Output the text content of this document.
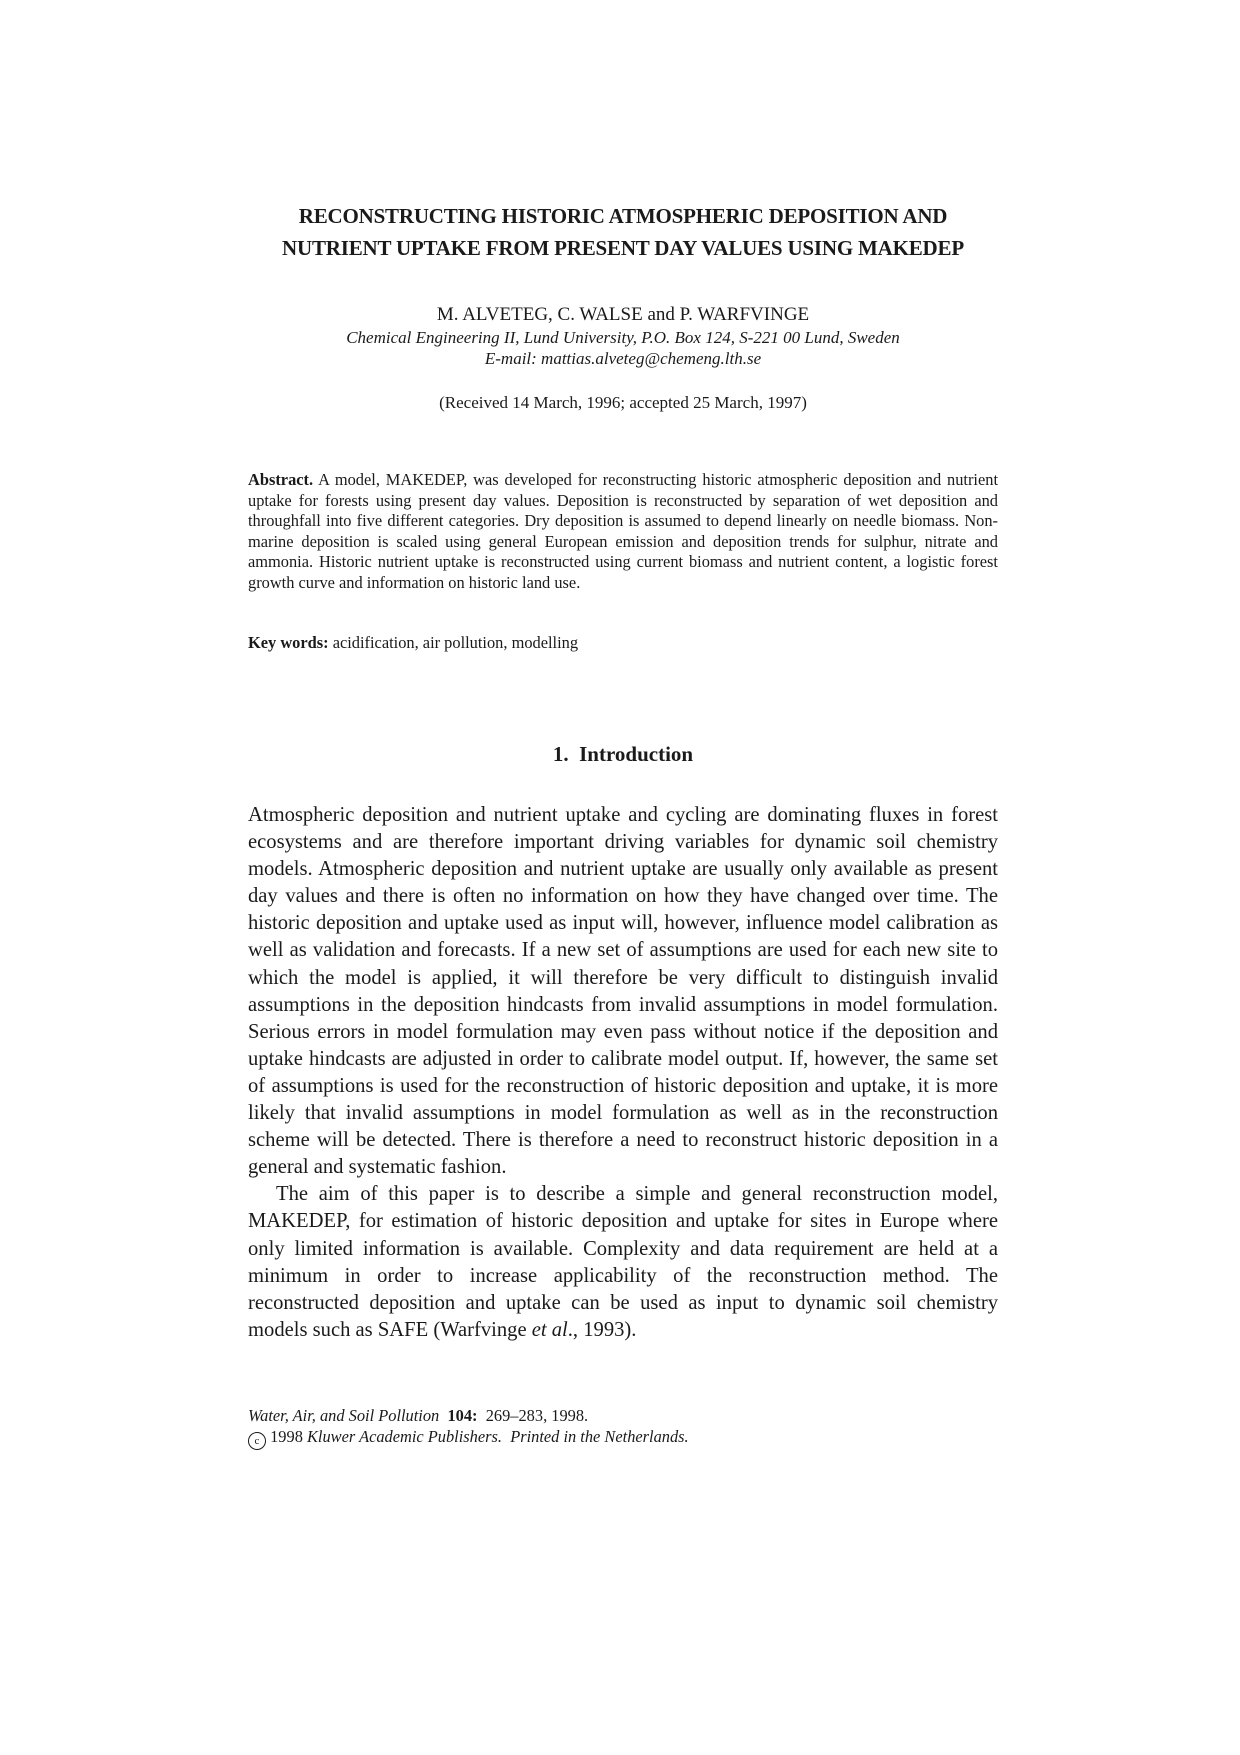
RECONSTRUCTING HISTORIC ATMOSPHERIC DEPOSITION AND
NUTRIENT UPTAKE FROM PRESENT DAY VALUES USING MAKEDEP
M. ALVETEG, C. WALSE and P. WARFVINGE
Chemical Engineering II, Lund University, P.O. Box 124, S-221 00 Lund, Sweden
E-mail: mattias.alveteg@chemeng.lth.se
(Received 14 March, 1996; accepted 25 March, 1997)
Abstract. A model, MAKEDEP, was developed for reconstructing historic atmospheric deposition and nutrient uptake for forests using present day values. Deposition is reconstructed by separation of wet deposition and throughfall into five different categories. Dry deposition is assumed to depend linearly on needle biomass. Non-marine deposition is scaled using general European emission and deposition trends for sulphur, nitrate and ammonia. Historic nutrient uptake is reconstructed using current biomass and nutrient content, a logistic forest growth curve and information on historic land use.
Key words: acidification, air pollution, modelling
1. Introduction

Atmospheric deposition and nutrient uptake and cycling are dominating fluxes in forest ecosystems and are therefore important driving variables for dynamic soil chemistry models. Atmospheric deposition and nutrient uptake are usually only available as present day values and there is often no information on how they have changed over time. The historic deposition and uptake used as input will, however, influence model calibration as well as validation and forecasts. If a new set of assumptions are used for each new site to which the model is applied, it will therefore be very difficult to distinguish invalid assumptions in the deposition hindcasts from invalid assumptions in model formulation. Serious errors in model formulation may even pass without notice if the deposition and uptake hindcasts are adjusted in order to calibrate model output. If, however, the same set of assumptions is used for the reconstruction of historic deposition and uptake, it is more likely that invalid assumptions in model formulation as well as in the reconstruction scheme will be detected. There is therefore a need to reconstruct historic deposition in a general and systematic fashion.

The aim of this paper is to describe a simple and general reconstruction model, MAKEDEP, for estimation of historic deposition and uptake for sites in Europe where only limited information is available. Complexity and data requirement are held at a minimum in order to increase applicability of the reconstruction method. The reconstructed deposition and uptake can be used as input to dynamic soil chemistry models such as SAFE (Warfvinge et al., 1993).

Water, Air, and Soil Pollution 104: 269–283, 1998.
c 1998 Kluwer Academic Publishers. Printed in the Netherlands.
